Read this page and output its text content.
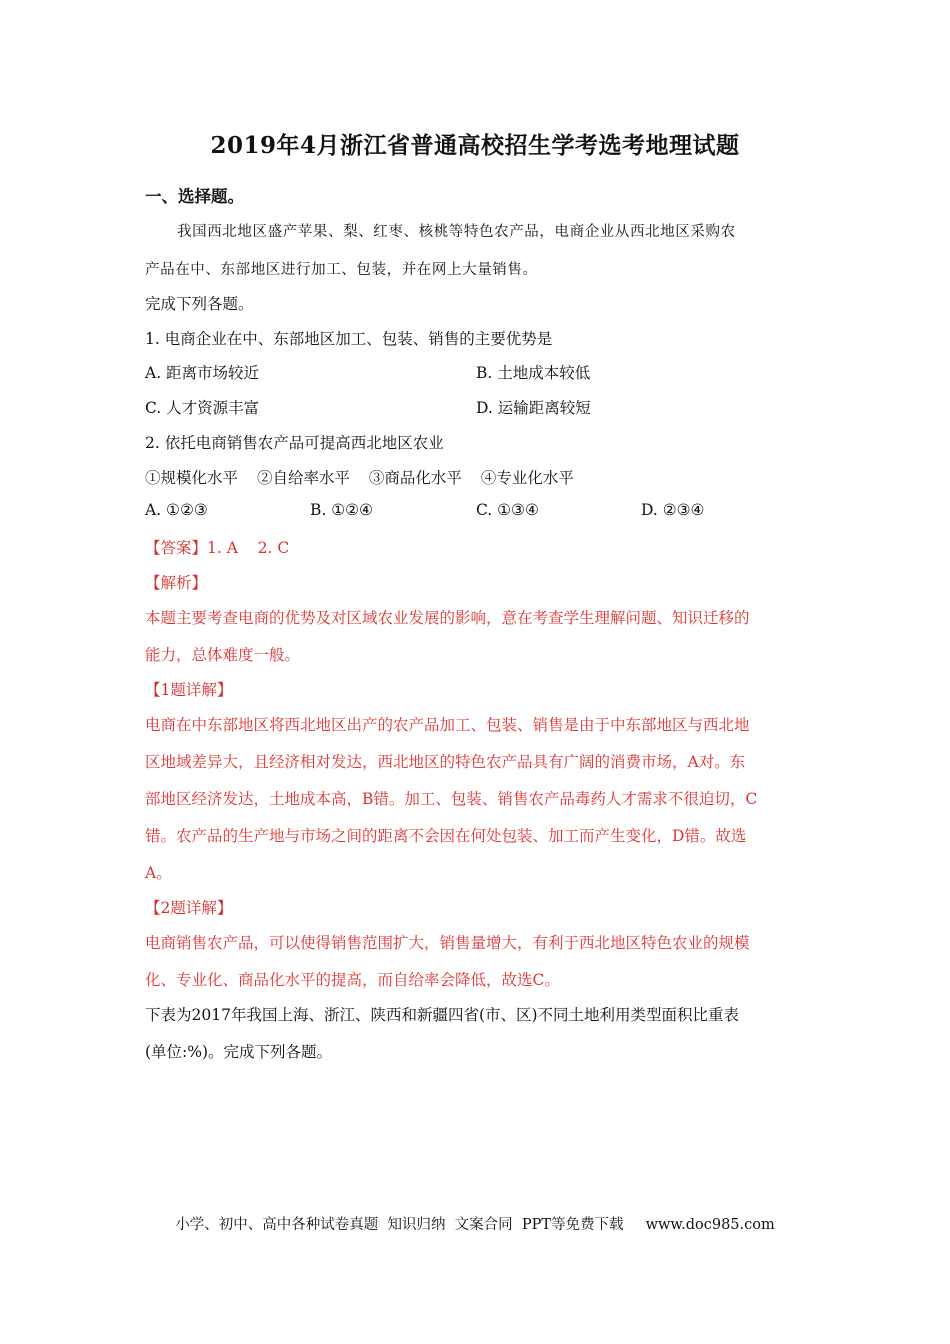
2019年4月浙江省普通高校招生学考选考地理试题
一、选择题。
我国西北地区盛产苹果、梨、红枣、核桃等特色农产品，电商企业从西北地区采购农
产品在中、东部地区进行加工、包装，并在网上大量销售。
完成下列各题。
1. 电商企业在中、东部地区加工、包装、销售的主要优势是
A. 距离市场较近	B. 土地成本较低
C. 人才资源丰富	D. 运输距离较短
2. 依托电商销售农产品可提高西北地区农业
①规模化水平 ②自给率水平 ③商品化水平 ④专业化水平
A. ①②③	B. ①②④	C. ①③④	D. ②③④
【答案】1. A    2. C
【解析】
本题主要考查电商的优势及对区域农业发展的影响，意在考查学生理解问题、知识迁移的
能力，总体难度一般。
【1题详解】
电商在中东部地区将西北地区出产的农产品加工、包装、销售是由于中东部地区与西北地
区地域差异大，且经济相对发达，西北地区的特色农产品具有广阔的消费市场，A对。东
部地区经济发达，土地成本高，B错。加工、包装、销售农产品毒药人才需求不很迫切，C
错。农产品的生产地与市场之间的距离不会因在何处包装、加工而产生变化，D错。故选
A。
【2题详解】
电商销售农产品，可以使得销售范围扩大，销售量增大，有利于西北地区特色农业的规模
化、专业化、商品化水平的提高，而自给率会降低，故选C。
下表为2017年我国上海、浙江、陕西和新疆四省(市、区)不同土地利用类型面积比重表
(单位:%)。完成下列各题。
小学、初中、高中各种试卷真题  知识归纳  文案合同  PPT等免费下载 www.doc985.com
